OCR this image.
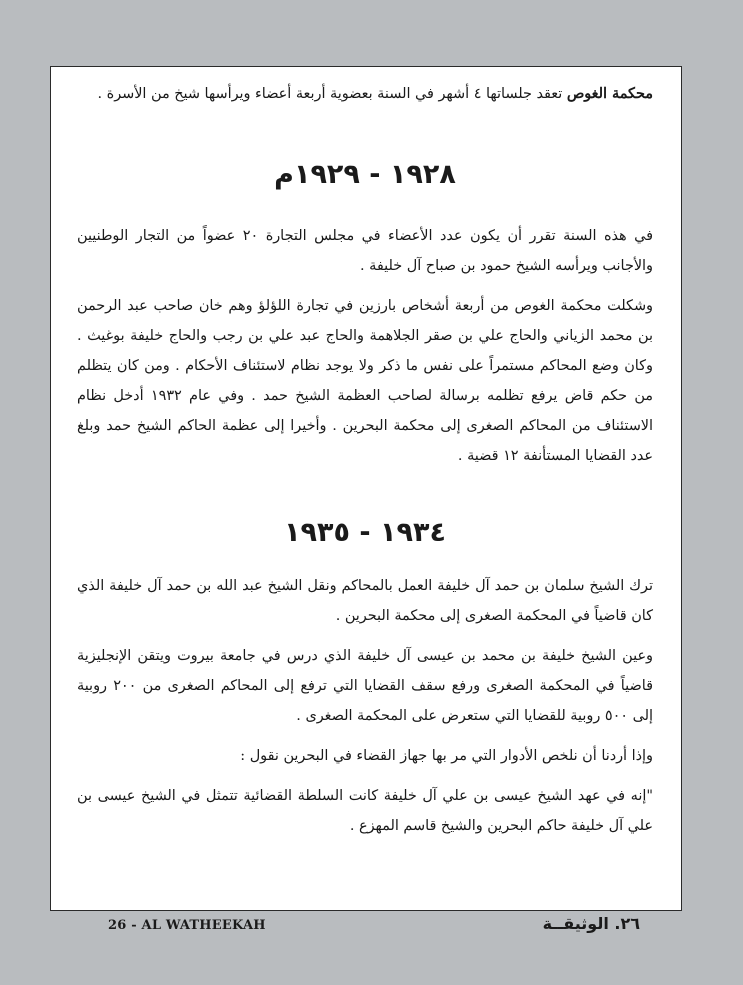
محكمة الغوص تعقد جلساتها ٤ أشهر في السنة بعضوية أربعة أعضاء ويرأسها شيخ من الأسرة .

١٩٢٨ - ١٩٢٩م

في هذه السنة تقرر أن يكون عدد الأعضاء في مجلس التجارة ٢٠ عضواً من التجار الوطنيين والأجانب ويرأسه الشيخ حمود بن صباح آل خليفة .

وشكلت محكمة الغوص من أربعة أشخاص بارزين في تجارة اللؤلؤ وهم خان صاحب عبد الرحمن بن محمد الزياني والحاج علي بن صقر الجلاهمة والحاج عبد علي بن رجب والحاج خليفة بوغيث . وكان وضع المحاكم مستمراً على نفس ما ذكر ولا يوجد نظام لاستئناف الأحكام . ومن كان يتظلم من حكم قاض يرفع تظلمه برسالة لصاحب العظمة الشيخ حمد . وفي عام ١٩٣٢ أدخل نظام الاستئناف من المحاكم الصغرى إلى محكمة البحرين . وأخيرا إلى عظمة الحاكم الشيخ حمد وبلغ عدد القضايا المستأنفة ١٢ قضية .

١٩٣٤ - ١٩٣٥

ترك الشيخ سلمان بن حمد آل خليفة العمل بالمحاكم ونقل الشيخ عبد الله بن حمد آل خليفة الذي كان قاضياً في المحكمة الصغرى إلى محكمة البحرين .

وعين الشيخ خليفة بن محمد بن عيسى آل خليفة الذي درس في جامعة بيروت ويتقن الإنجليزية قاضياً في المحكمة الصغرى ورفع سقف القضايا التي ترفع إلى المحاكم الصغرى من ٢٠٠ روبية إلى ٥٠٠ روبية للقضايا التي ستعرض على المحكمة الصغرى .

وإذا أردنا أن نلخص الأدوار التي مر بها جهاز القضاء في البحرين نقول :

"إنه في عهد الشيخ عيسى بن علي آل خليفة كانت السلطة القضائية تتمثل في الشيخ عيسى بن علي آل خليفة حاكم البحرين والشيخ قاسم المهزع .

26 - AL WATHEEKAH	٢٦. الوثيقــة
